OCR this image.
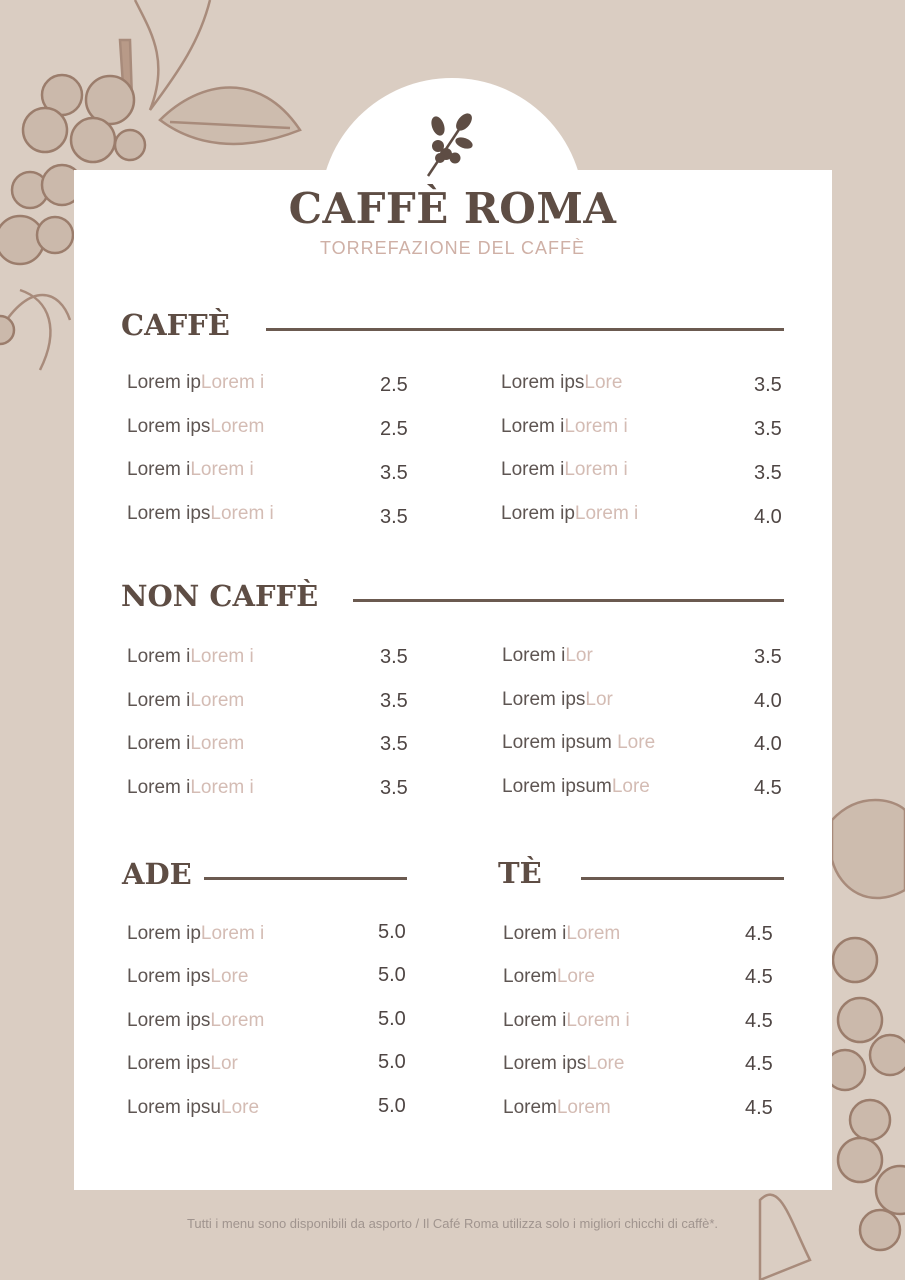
CAFFÈ ROMA
TORREFAZIONE DEL CAFFÈ
CAFFÈ
Lorem ipLorem i	2.5
Lorem ipsLorem	2.5
Lorem iLorem i	3.5
Lorem ipsLorem i	3.5
Lorem ipsLore	3.5
Lorem iLorem i	3.5
Lorem iLorem i	3.5
Lorem ipLorem i	4.0
NON CAFFÈ
Lorem iLorem i	3.5
Lorem iLorem	3.5
Lorem iLorem	3.5
Lorem iLorem i	3.5
Lorem iLor	3.5
Lorem ipsLor	4.0
Lorem ipsum Lore	4.0
Lorem ipsumLore	4.5
ADE
Lorem ipLorem i	5.0
Lorem ipsLore	5.0
Lorem ipsLorem	5.0
Lorem ipsLor	5.0
Lorem ipsuLore	5.0
TÈ
Lorem iLorem	4.5
LoremLore	4.5
Lorem iLorem i	4.5
Lorem ipsLore	4.5
LoremLorem	4.5
Tutti i menu sono disponibili da asporto / Il Café Roma utilizza solo i migliori chicchi di caffè*.
